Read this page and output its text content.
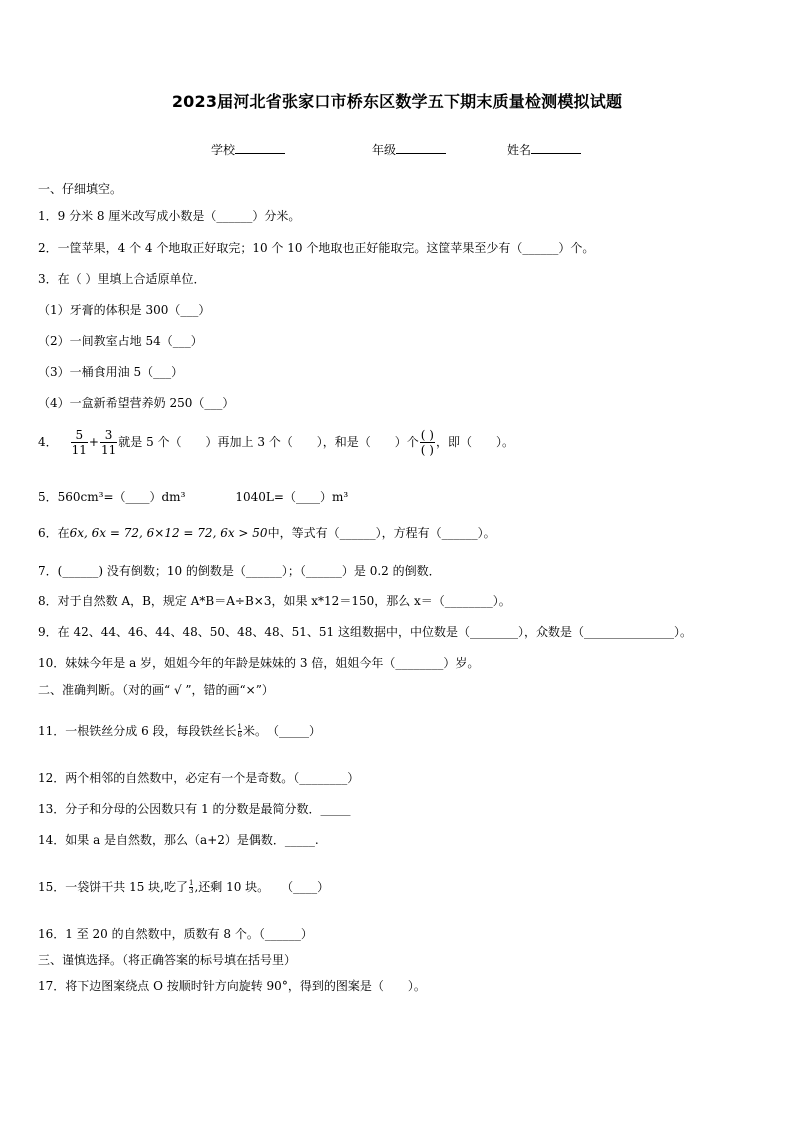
2023届河北省张家口市桥东区数学五下期末质量检测模拟试题
学校	年级	姓名
一、仔细填空。
1．9 分米 8 厘米改写成小数是（______）分米。
2．一筐苹果，4 个 4 个地取正好取完；10 个 10 个地取也正好能取完。这筐苹果至少有（______）个。
3．在（ ）里填上合适原单位．
（1）牙膏的体积是 300（___）
（2）一间教室占地 54（___）
（3）一桶食用油 5（___）
（4）一盒新希望营养奶 250（___）
4． $\frac{5}{11} + \frac{3}{11}$ 就是 5 个（　　）再加上 3 个（　　），和是（　　）个 $\frac{( )}{( )}$ ，即（　　）。
5．560cm³=（____）dm³	1040L=（____）m³
6．在6x, 6x = 72, 6×12 = 72, 6x > 50中，等式有（______），方程有（______）。
7．(______) 没有倒数；10 的倒数是（______）；（______）是 0.2 的倒数．
8．对于自然数 A，B，规定 A*B＝A÷B×3，如果 x*12＝150，那么 x＝（________）。
9．在 42、44、46、44、48、50、48、48、51、51 这组数据中，中位数是（________），众数是（_______________）。
10．妹妹今年是 a 岁，姐姐今年的年龄是妹妹的 3 倍，姐姐今年（________）岁。
二、准确判断。（对的画“ √ ”，错的画“×”）
11．一根铁丝分成 6 段，每段铁丝长 $\frac{1}{6}$ 米。　（_____）
12．两个相邻的自然数中，必定有一个是奇数。（________）
13．分子和分母的公因数只有 1 的分数是最简分数．_____
14．如果 a 是自然数，那么（a+2）是偶数．_____.
15．一袋饼干共 15 块,吃了 $\frac{1}{3}$ ,还剩 10 块。　　（____）
16．1 至 20 的自然数中，质数有 8 个。（______）
三、谨慎选择。（将正确答案的标号填在括号里）
17．将下边图案绕点 O 按顺时针方向旋转 90°，得到的图案是（　　）。
